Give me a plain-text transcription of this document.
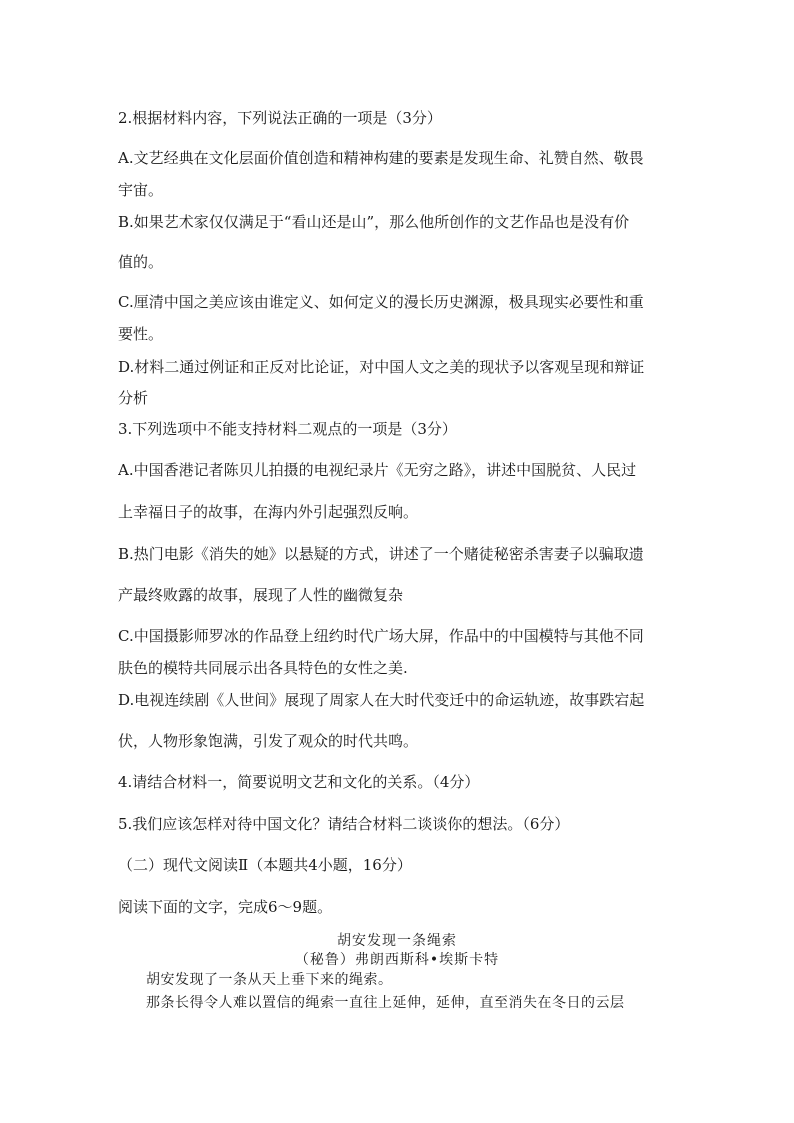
2.根据材料内容，下列说法正确的一项是（3分）
A.文艺经典在文化层面价值创造和精神构建的要素是发现生命、礼赞自然、敬畏
宇宙。
B.如果艺术家仅仅满足于“看山还是山”，那么他所创作的文艺作品也是没有价
值的。
C.厘清中国之美应该由谁定义、如何定义的漫长历史渊源，极具现实必要性和重
要性。
D.材料二通过例证和正反对比论证，对中国人文之美的现状予以客观呈现和辩证
分析
3.下列选项中不能支持材料二观点的一项是（3分）
A.中国香港记者陈贝儿拍摄的电视纪录片《无穷之路》，讲述中国脱贫、人民过
上幸福日子的故事，在海内外引起强烈反响。
B.热门电影《消失的她》以悬疑的方式，讲述了一个赌徒秘密杀害妻子以骗取遗
产最终败露的故事，展现了人性的幽微复杂
C.中国摄影师罗冰的作品登上纽约时代广场大屏，作品中的中国模特与其他不同
肤色的模特共同展示出各具特色的女性之美.
D.电视连续剧《人世间》展现了周家人在大时代变迁中的命运轨迹，故事跌宕起
伏，人物形象饱满，引发了观众的时代共鸣。
4.请结合材料一，简要说明文艺和文化的关系。（4分）
5.我们应该怎样对待中国文化？请结合材料二谈谈你的想法。（6分）
（二）现代文阅读Ⅱ（本题共4小题，16分）
阅读下面的文字，完成6～9题。
胡安发现一条绳索
（秘鲁）弗朗西斯科•埃斯卡特
胡安发现了一条从天上垂下来的绳索。
那条长得令人难以置信的绳索一直往上延伸，延伸，直至消失在冬日的云层
